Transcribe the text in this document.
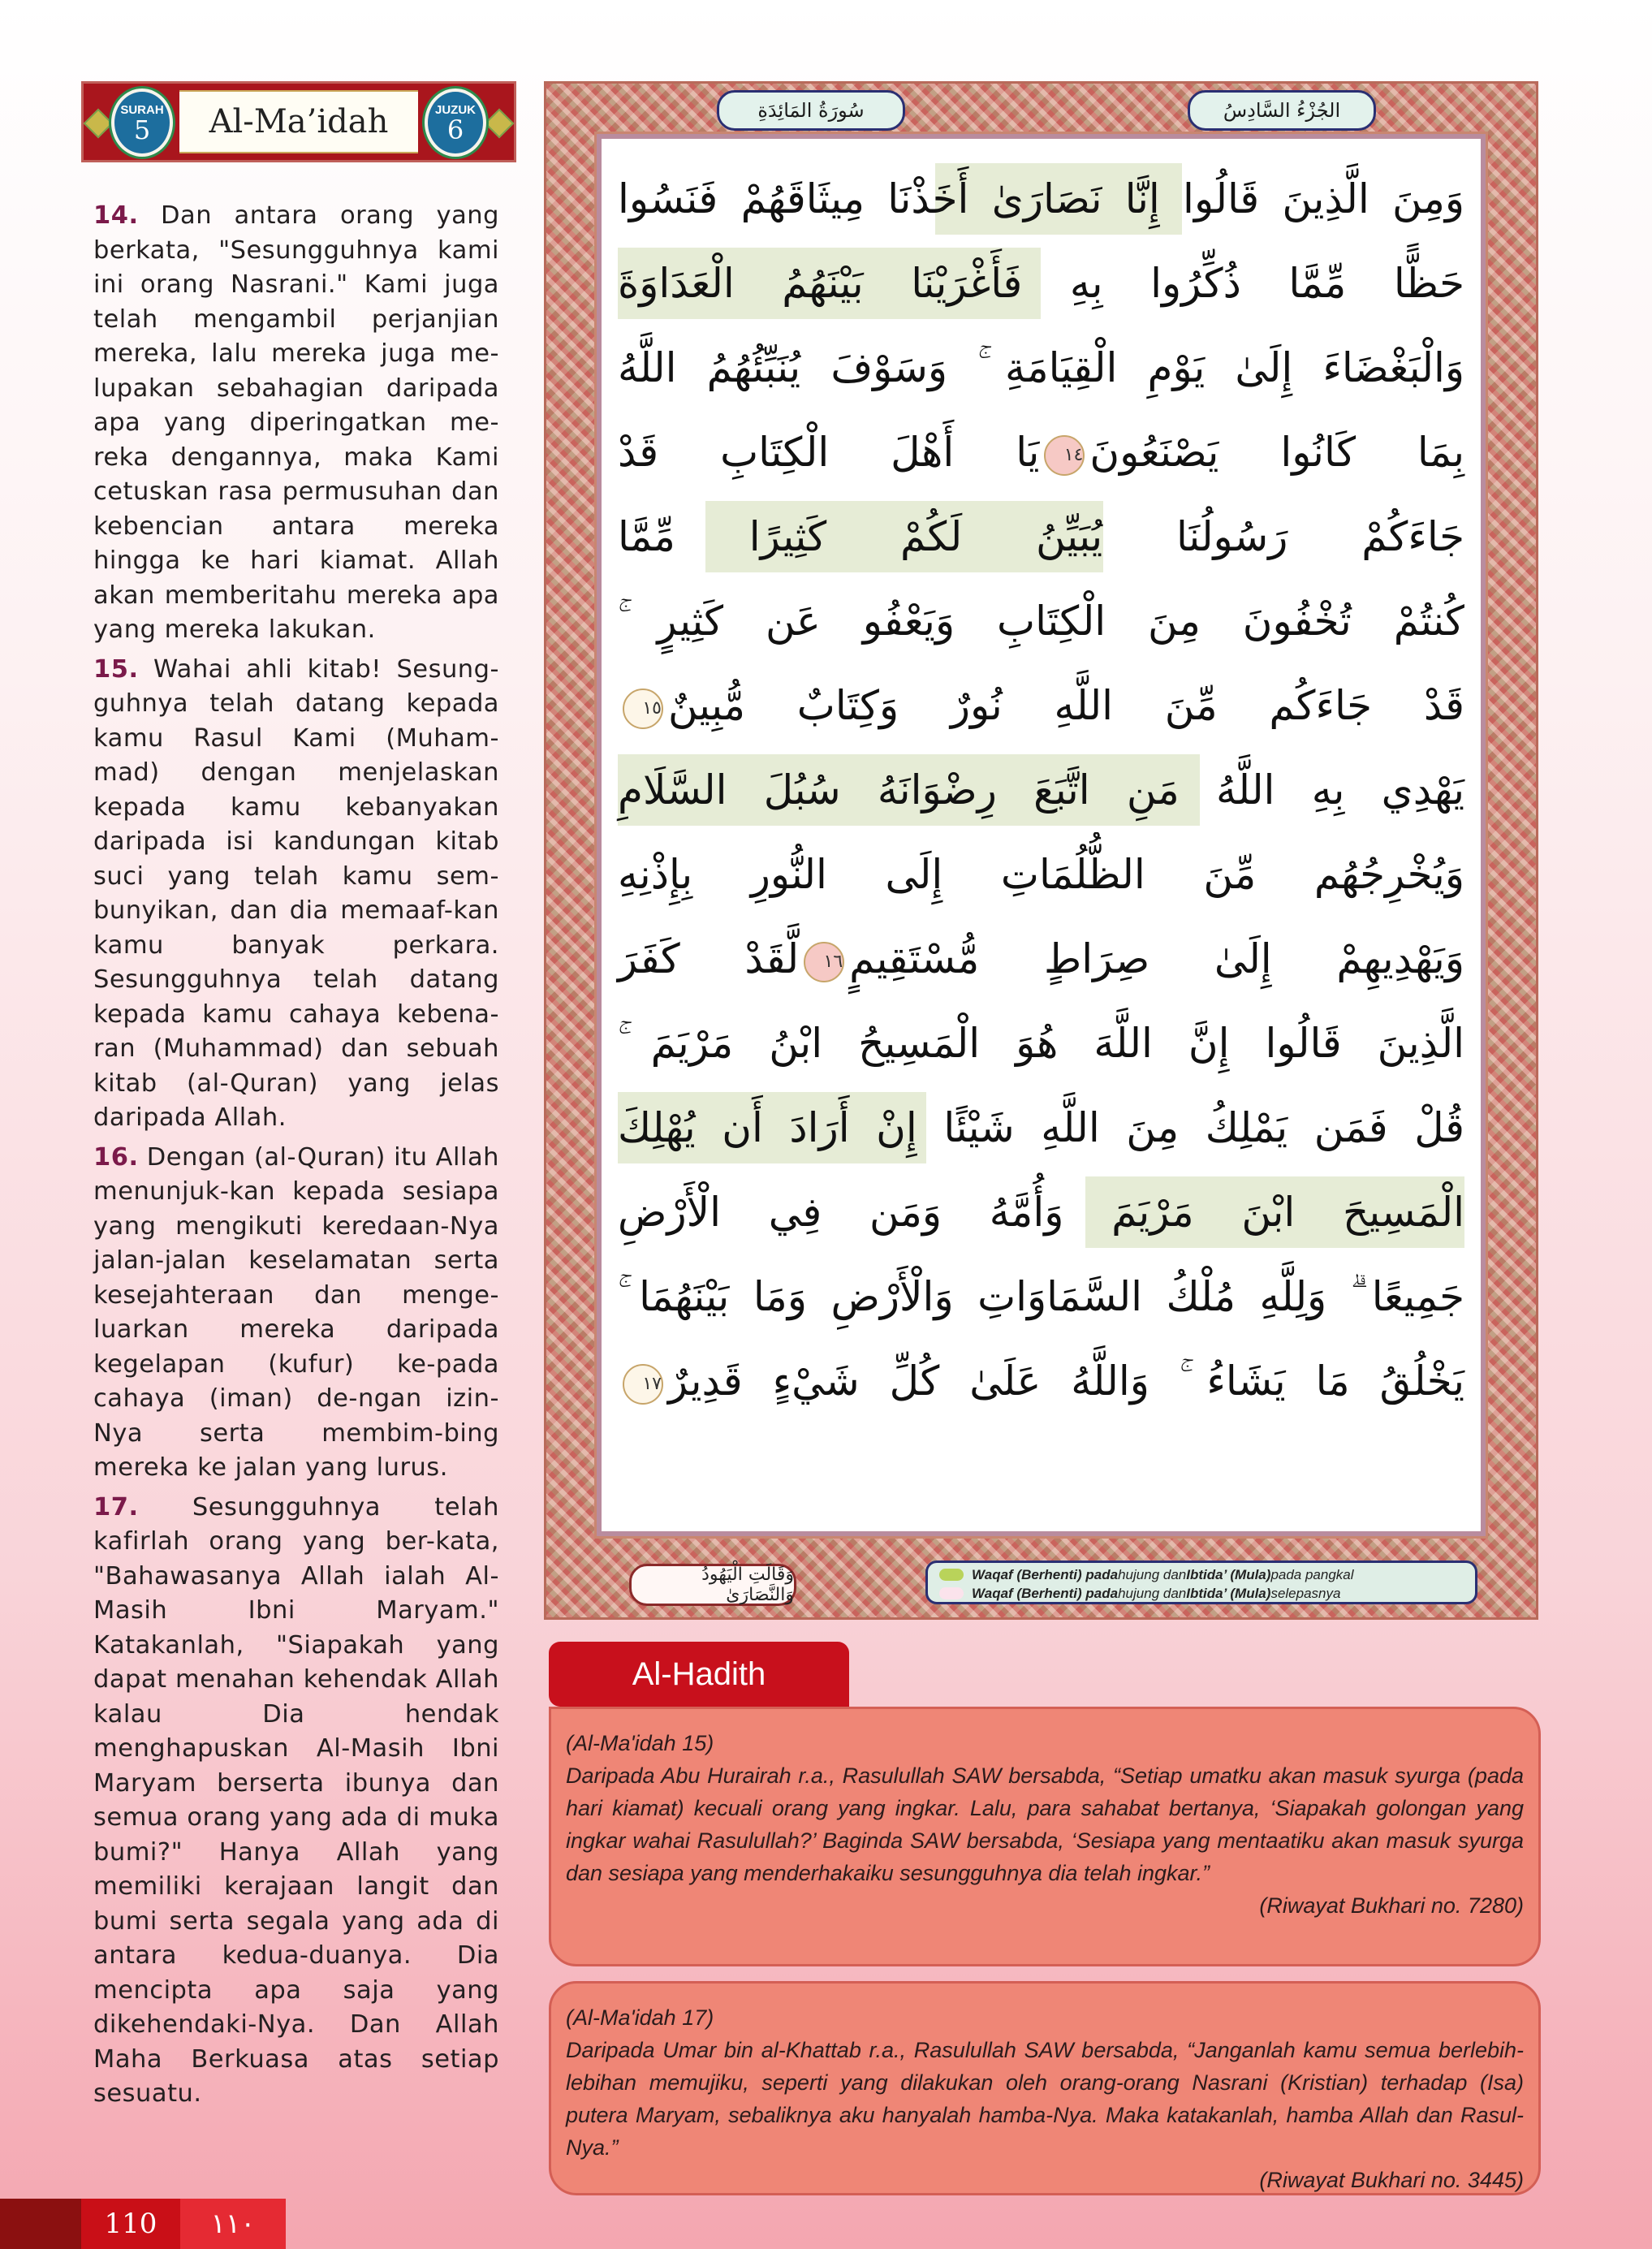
SURAH
5 Al-Ma’idah	JUZUK
6

14. Dan antara orang yang berkata, "Sesungguhnya kami ini orang Nasrani." Kami juga telah mengambil perjanjian mereka, lalu mereka juga me-lupakan sebahagian daripada apa yang diperingatkan me-reka dengannya, maka Kami cetuskan rasa permusuhan dan kebencian antara mereka hingga ke hari kiamat. Allah akan memberitahu mereka apa yang mereka lakukan.

15. Wahai ahli kitab! Sesung-guhnya telah datang kepada kamu Rasul Kami (Muham-mad) dengan menjelaskan kepada kamu kebanyakan daripada isi kandungan kitab suci yang telah kamu sem-bunyikan, dan dia memaaf-kan kamu banyak perkara. Sesungguhnya telah datang kepada kamu cahaya kebena-ran (Muhammad) dan sebuah kitab (al-Quran) yang jelas daripada Allah.

16. Dengan (al-Quran) itu Allah menunjuk-kan kepada sesiapa yang mengikuti keredaan-Nya jalan-jalan keselamatan serta kesejahteraan dan menge-luarkan mereka daripada kegelapan (kufur) ke-pada cahaya (iman) de-ngan izin-Nya serta membim-bing mereka ke jalan yang lurus.

17. Sesungguhnya telah kafirlah orang yang ber-kata, "Bahawasanya Allah ialah Al-Masih Ibni Maryam." Katakanlah, "Siapakah yang dapat menahan kehendak Allah kalau Dia hendak menghapuskan Al-Masih Ibni Maryam berserta ibunya dan semua orang yang ada di muka bumi?" Hanya Allah yang memiliki kerajaan langit dan bumi serta segala yang ada di antara kedua-duanya. Dia mencipta apa saja yang dikehendaki-Nya. Dan Allah Maha Berkuasa atas setiap sesuatu.

سُورَةُ المَائِدَةِ	الجُزْءُ السَّادِسُ
وَمِنَ الَّذِينَ قَالُوا إِنَّا نَصَارَىٰ أَخَذْنَا مِيثَاقَهُمْ فَنَسُوا
حَظًّا مِّمَّا ذُكِّرُوا بِهِ فَأَغْرَيْنَا بَيْنَهُمُ الْعَدَاوَةَ
وَالْبَغْضَاءَ إِلَىٰ يَوْمِ الْقِيَامَةِ ۚ وَسَوْفَ يُنَبِّئُهُمُ اللَّهُ
بِمَا كَانُوا يَصْنَعُونَ١٤يَا أَهْلَ الْكِتَابِ قَدْ
جَاءَكُمْ رَسُولُنَا يُبَيِّنُ لَكُمْ كَثِيرًا مِّمَّا
كُنتُمْ تُخْفُونَ مِنَ الْكِتَابِ وَيَعْفُو عَن كَثِيرٍ ۚ
قَدْ جَاءَكُم مِّنَ اللَّهِ نُورٌ وَكِتَابٌ مُّبِينٌ١٥
يَهْدِي بِهِ اللَّهُ مَنِ اتَّبَعَ رِضْوَانَهُ سُبُلَ السَّلَامِ
وَيُخْرِجُهُم مِّنَ الظُّلُمَاتِ إِلَى النُّورِ بِإِذْنِهِ
وَيَهْدِيهِمْ إِلَىٰ صِرَاطٍ مُّسْتَقِيمٍ١٦لَّقَدْ كَفَرَ
الَّذِينَ قَالُوا إِنَّ اللَّهَ هُوَ الْمَسِيحُ ابْنُ مَرْيَمَ ۚ
قُلْ فَمَن يَمْلِكُ مِنَ اللَّهِ شَيْئًا إِنْ أَرَادَ أَن يُهْلِكَ
الْمَسِيحَ ابْنَ مَرْيَمَ وَأُمَّهُ وَمَن فِي الْأَرْضِ
جَمِيعًا ۗ وَلِلَّهِ مُلْكُ السَّمَاوَاتِ وَالْأَرْضِ وَمَا بَيْنَهُمَا ۚ
يَخْلُقُ مَا يَشَاءُ ۚ وَاللَّهُ عَلَىٰ كُلِّ شَيْءٍ قَدِيرٌ١٧
وَقَالَتِ الْيَهُودُ وَالنَّصَارَىٰ
Waqaf (Berhenti) pada hujung dan Ibtida’ (Mula) pada pangkal
Waqaf (Berhenti) pada hujung dan Ibtida’ (Mula) selepasnya
Al-Hadith

(Al-Ma'idah 15)

Daripada Abu Hurairah r.a., Rasulullah SAW bersabda, “Setiap umatku akan masuk syurga (pada hari kiamat) kecuali orang yang ingkar. Lalu, para sahabat bertanya, ‘Siapakah golongan yang ingkar wahai Rasulullah?’ Baginda SAW bersabda, ‘Sesiapa yang mentaatiku akan masuk syurga dan sesiapa yang menderhakaiku sesungguhnya dia telah ingkar.”

(Riwayat Bukhari no. 7280)

(Al-Ma'idah 17)

Daripada Umar bin al-Khattab r.a., Rasulullah SAW bersabda, “Janganlah kamu semua berlebih-lebihan memujiku, seperti yang dilakukan oleh orang-orang Nasrani (Kristian) terhadap (Isa) putera Maryam, sebaliknya aku hanyalah hamba-Nya. Maka katakanlah, hamba Allah dan Rasul-Nya.”

(Riwayat Bukhari no. 3445)

110	١١٠
